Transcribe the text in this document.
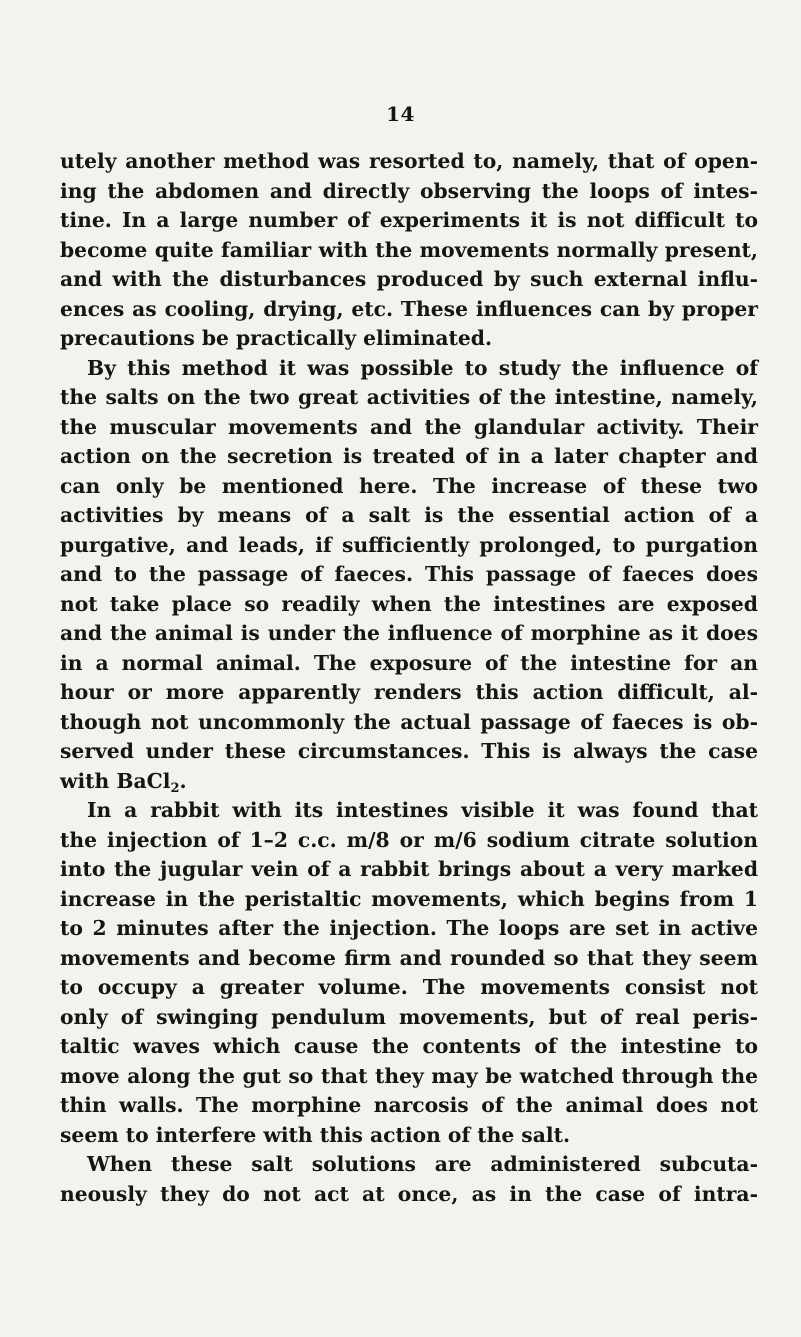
14
utely another method was resorted to, namely, that of open-
ing the abdomen and directly observing the loops of intes-
tine. In a large number of experiments it is not difficult to
become quite familiar with the movements normally present,
and with the disturbances produced by such external influ-
ences as cooling, drying, etc. These influences can by proper
precautions be practically eliminated.
By this method it was possible to study the influence of
the salts on the two great activities of the intestine, namely,
the muscular movements and the glandular activity. Their
action on the secretion is treated of in a later chapter and
can only be mentioned here. The increase of these two
activities by means of a salt is the essential action of a
purgative, and leads, if sufficiently prolonged, to purgation
and to the passage of faeces. This passage of faeces does
not take place so readily when the intestines are exposed
and the animal is under the influence of morphine as it does
in a normal animal. The exposure of the intestine for an
hour or more apparently renders this action difficult, al-
though not uncommonly the actual passage of faeces is ob-
served under these circumstances. This is always the case
with BaCl$_2$.
In a rabbit with its intestines visible it was found that
the injection of 1–2 c.c. m/8 or m/6 sodium citrate solution
into the jugular vein of a rabbit brings about a very marked
increase in the peristaltic movements, which begins from 1
to 2 minutes after the injection. The loops are set in active
movements and become firm and rounded so that they seem
to occupy a greater volume. The movements consist not
only of swinging pendulum movements, but of real peris-
taltic waves which cause the contents of the intestine to
move along the gut so that they may be watched through the
thin walls. The morphine narcosis of the animal does not
seem to interfere with this action of the salt.
When these salt solutions are administered subcuta-
neously they do not act at once, as in the case of intra-
